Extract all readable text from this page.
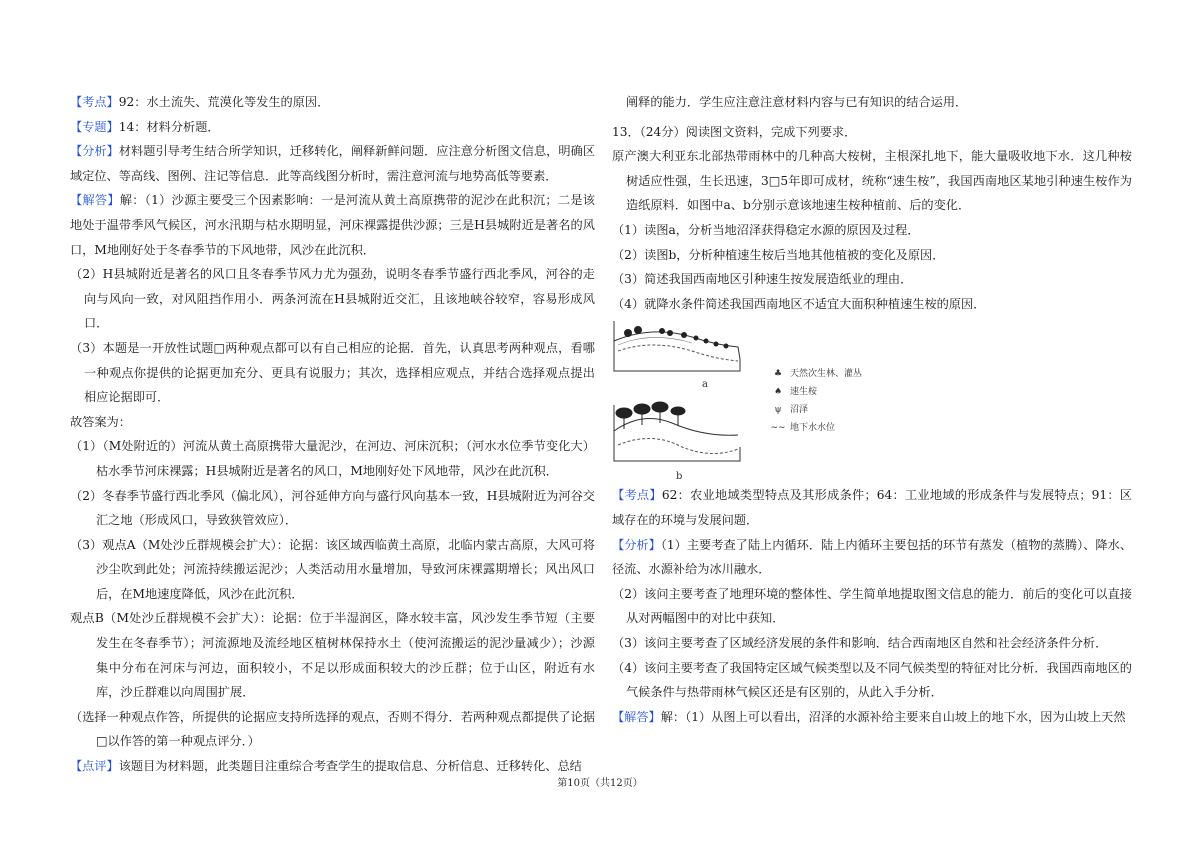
【考点】92：水土流失、荒漠化等发生的原因．

【专题】14：材料分析题．

【分析】材料题引导考生结合所学知识，迁移转化，阐释新鲜问题．应注意分析图文信息，明确区域定位、等高线、图例、注记等信息．此等高线图分析时，需注意河流与地势高低等要素．

【解答】解：（1）沙源主要受三个因素影响：一是河流从黄土高原携带的泥沙在此积沉；二是该地处于温带季风气候区，河水汛期与枯水期明显，河床裸露提供沙源；三是H县城附近是著名的风口，M地刚好处于冬春季节的下风地带，风沙在此沉积．

（2）H县城附近是著名的风口且冬春季节风力尤为强劲，说明冬春季节盛行西北季风，河谷的走向与风向一致，对风阻挡作用小．两条河流在H县城附近交汇，且该地峡谷较窄，容易形成风口．

（3）本题是一开放性试题□两种观点都可以有自己相应的论据．首先，认真思考两种观点，看哪一种观点你提供的论据更加充分、更具有说服力；其次，选择相应观点，并结合选择观点提出相应论据即可．

故答案为：

（1）（M处附近的）河流从黄土高原携带大量泥沙，在河边、河床沉积；（河水水位季节变化大）枯水季节河床裸露；H县城附近是著名的风口，M地刚好处下风地带，风沙在此沉积．

（2）冬春季节盛行西北季风（偏北风），河谷延伸方向与盛行风向基本一致，H县城附近为河谷交汇之地（形成风口，导致狭管效应）．

（3）观点A（M处沙丘群规模会扩大）：论据：该区域西临黄土高原，北临内蒙古高原，大风可将沙尘吹到此处；河流持续搬运泥沙；人类活动用水量增加，导致河床裸露期增长；风出风口后，在M地速度降低，风沙在此沉积．

观点B（M处沙丘群规模不会扩大）：论据：位于半湿润区，降水较丰富，风沙发生季节短（主要发生在冬春季节）；河流源地及流经地区植树林保持水土（使河流搬运的泥沙量减少）；沙源集中分布在河床与河边，面积较小，不足以形成面积较大的沙丘群；位于山区，附近有水库，沙丘群难以向周围扩展．

（选择一种观点作答，所提供的论据应支持所选择的观点，否则不得分．若两种观点都提供了论据□以作答的第一种观点评分．）

【点评】该题目为材料题，此类题目注重综合考查学生的提取信息、分析信息、迁移转化、总结

阐释的能力．学生应注意注意材料内容与已有知识的结合运用．

13．（24分）阅读图文资料，完成下列要求．

原产澳大利亚东北部热带雨林中的几种高大桉树，主根深扎地下，能大量吸收地下水．这几种桉树适应性强，生长迅速，3□5年即可成材，统称“速生桉”，我国西南地区某地引种速生桉作为造纸原料．如图中a、b分别示意该地速生桉种植前、后的变化．

（1）读图a，分析当地沼泽获得稳定水源的原因及过程．

（2）读图b，分析种植速生桉后当地其他植被的变化及原因．

（3）简述我国西南地区引种速生按发展造纸业的理由．

（4）就降水条件简述我国西南地区不适宜大面积种植速生桉的原因．

a
b
♣ 天然次生林、灌丛
♠ 速生桉
ψ 沼泽
∼∼ 地下水水位

【考点】62：农业地域类型特点及其形成条件；64：工业地域的形成条件与发展特点；91：区域存在的环境与发展问题．

【分析】（1）主要考查了陆上内循环．陆上内循环主要包括的环节有蒸发（植物的蒸腾）、降水、径流、水源补给为冰川融水．

（2）该问主要考查了地理环境的整体性、学生简单地提取图文信息的能力．前后的变化可以直接从对两幅图中的对比中获知．

（3）该问主要考查了区域经济发展的条件和影响．结合西南地区自然和社会经济条件分析．

（4）该问主要考查了我国特定区域气候类型以及不同气候类型的特征对比分析．我国西南地区的气候条件与热带雨林气候区还是有区别的，从此入手分析．

【解答】解：（1）从图上可以看出，沼泽的水源补给主要来自山坡上的地下水，因为山坡上天然

第10页（共12页）
